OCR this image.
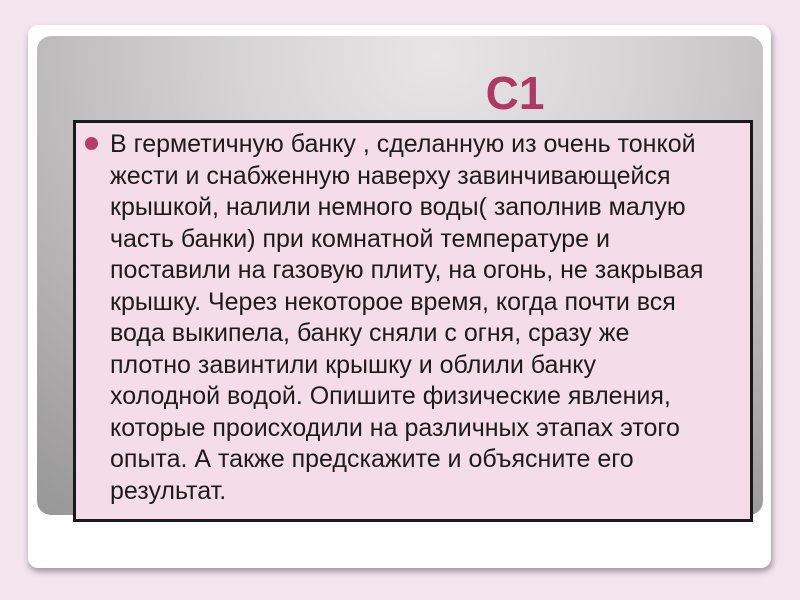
C1
В герметичную банку , сделанную из очень тонкой
жести и снабженную наверху завинчивающейся
крышкой, налили немного воды( заполнив малую
часть банки) при комнатной температуре и
поставили на газовую плиту, на огонь, не закрывая
крышку. Через некоторое время, когда почти вся
вода выкипела, банку сняли с огня, сразу же
плотно завинтили крышку и облили банку
холодной водой. Опишите физические явления,
которые происходили на различных этапах этого
опыта. А также предскажите и объясните его
результат.
